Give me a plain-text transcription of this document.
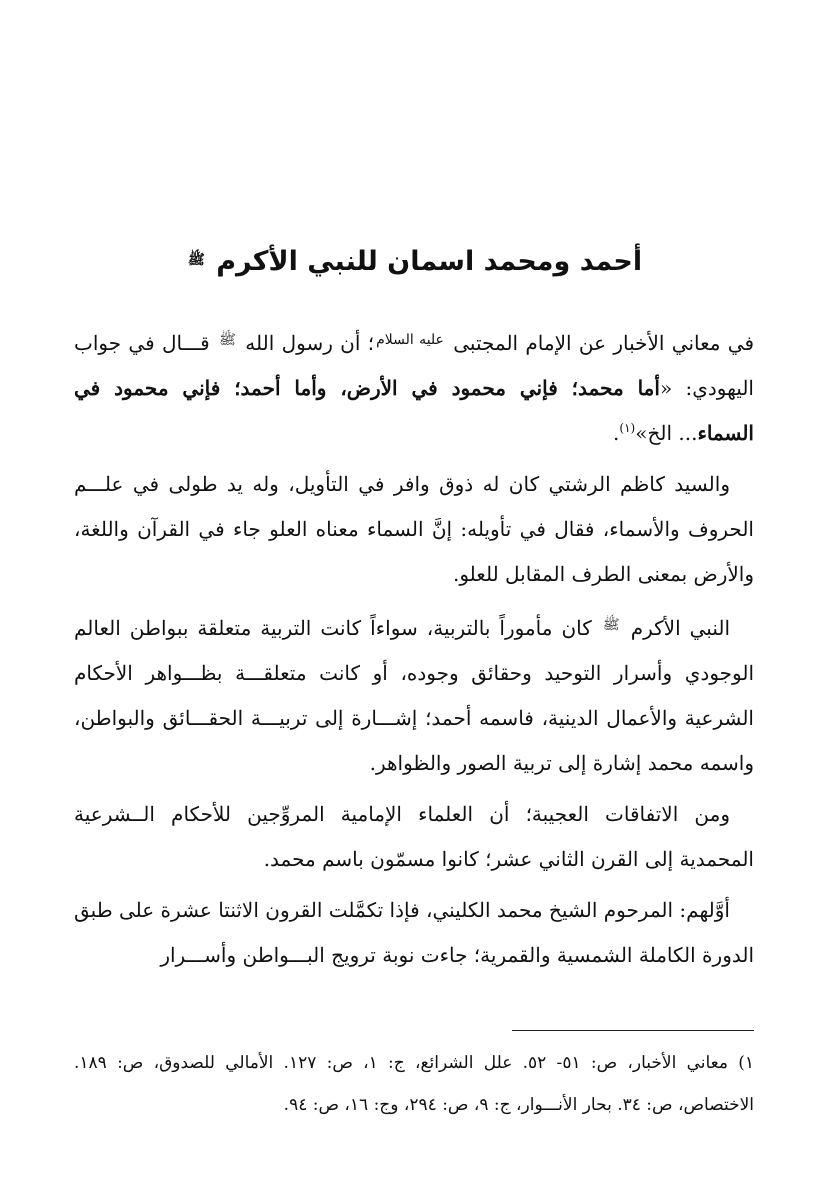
أحمد ومحمد اسمان للنبي الأكرم $^ﷺ$

في معاني الأخبار عن الإمام المجتبى $^{عليه السلام}$؛ أن رسول الله $^ﷺ$ قـــال في جواب اليهودي: «أما محمد؛ فإني محمود في الأرض، وأما أحمد؛ فإني محمود في السماء... الخ»$^{(١)}$.

والسيد كاظم الرشتي كان له ذوق وافر في التأويل، وله يد طولى في علـــم الحروف والأسماء، فقال في تأويله: إنَّ السماء معناه العلو جاء في القرآن واللغة، والأرض بمعنى الطرف المقابل للعلو.

النبي الأكرم $^ﷺ$ كان مأموراً بالتربية، سواءاً كانت التربية متعلقة ببواطن العالم الوجودي وأسرار التوحيد وحقائق وجوده، أو كانت متعلقـــة بظـــواهر الأحكام الشرعية والأعمال الدينية، فاسمه أحمد؛ إشـــارة إلى تربيـــة الحقـــائق والبواطن، واسمه محمد إشارة إلى تربية الصور والظواهر.

ومن الاتفاقات العجيبة؛ أن العلماء الإمامية المروِّجين للأحكام الــشرعية المحمدية إلى القرن الثاني عشر؛ كانوا مسمّون باسم محمد.

أوَّلهم: المرحوم الشيخ محمد الكليني، فإذا تكمَّلت القرون الاثنتا عشرة على طبق الدورة الكاملة الشمسية والقمرية؛ جاءت نوبة ترويج البـــواطن وأســـرار

١) معاني الأخبار، ص: ٥١- ٥٢. علل الشرائع، ج: ١، ص: ١٢٧. الأمالي للصدوق، ص: ١٨٩. الاختصاص، ص: ٣٤. بحار الأنـــوار، ج: ٩، ص: ٢٩٤، وج: ١٦، ص: ٩٤.
